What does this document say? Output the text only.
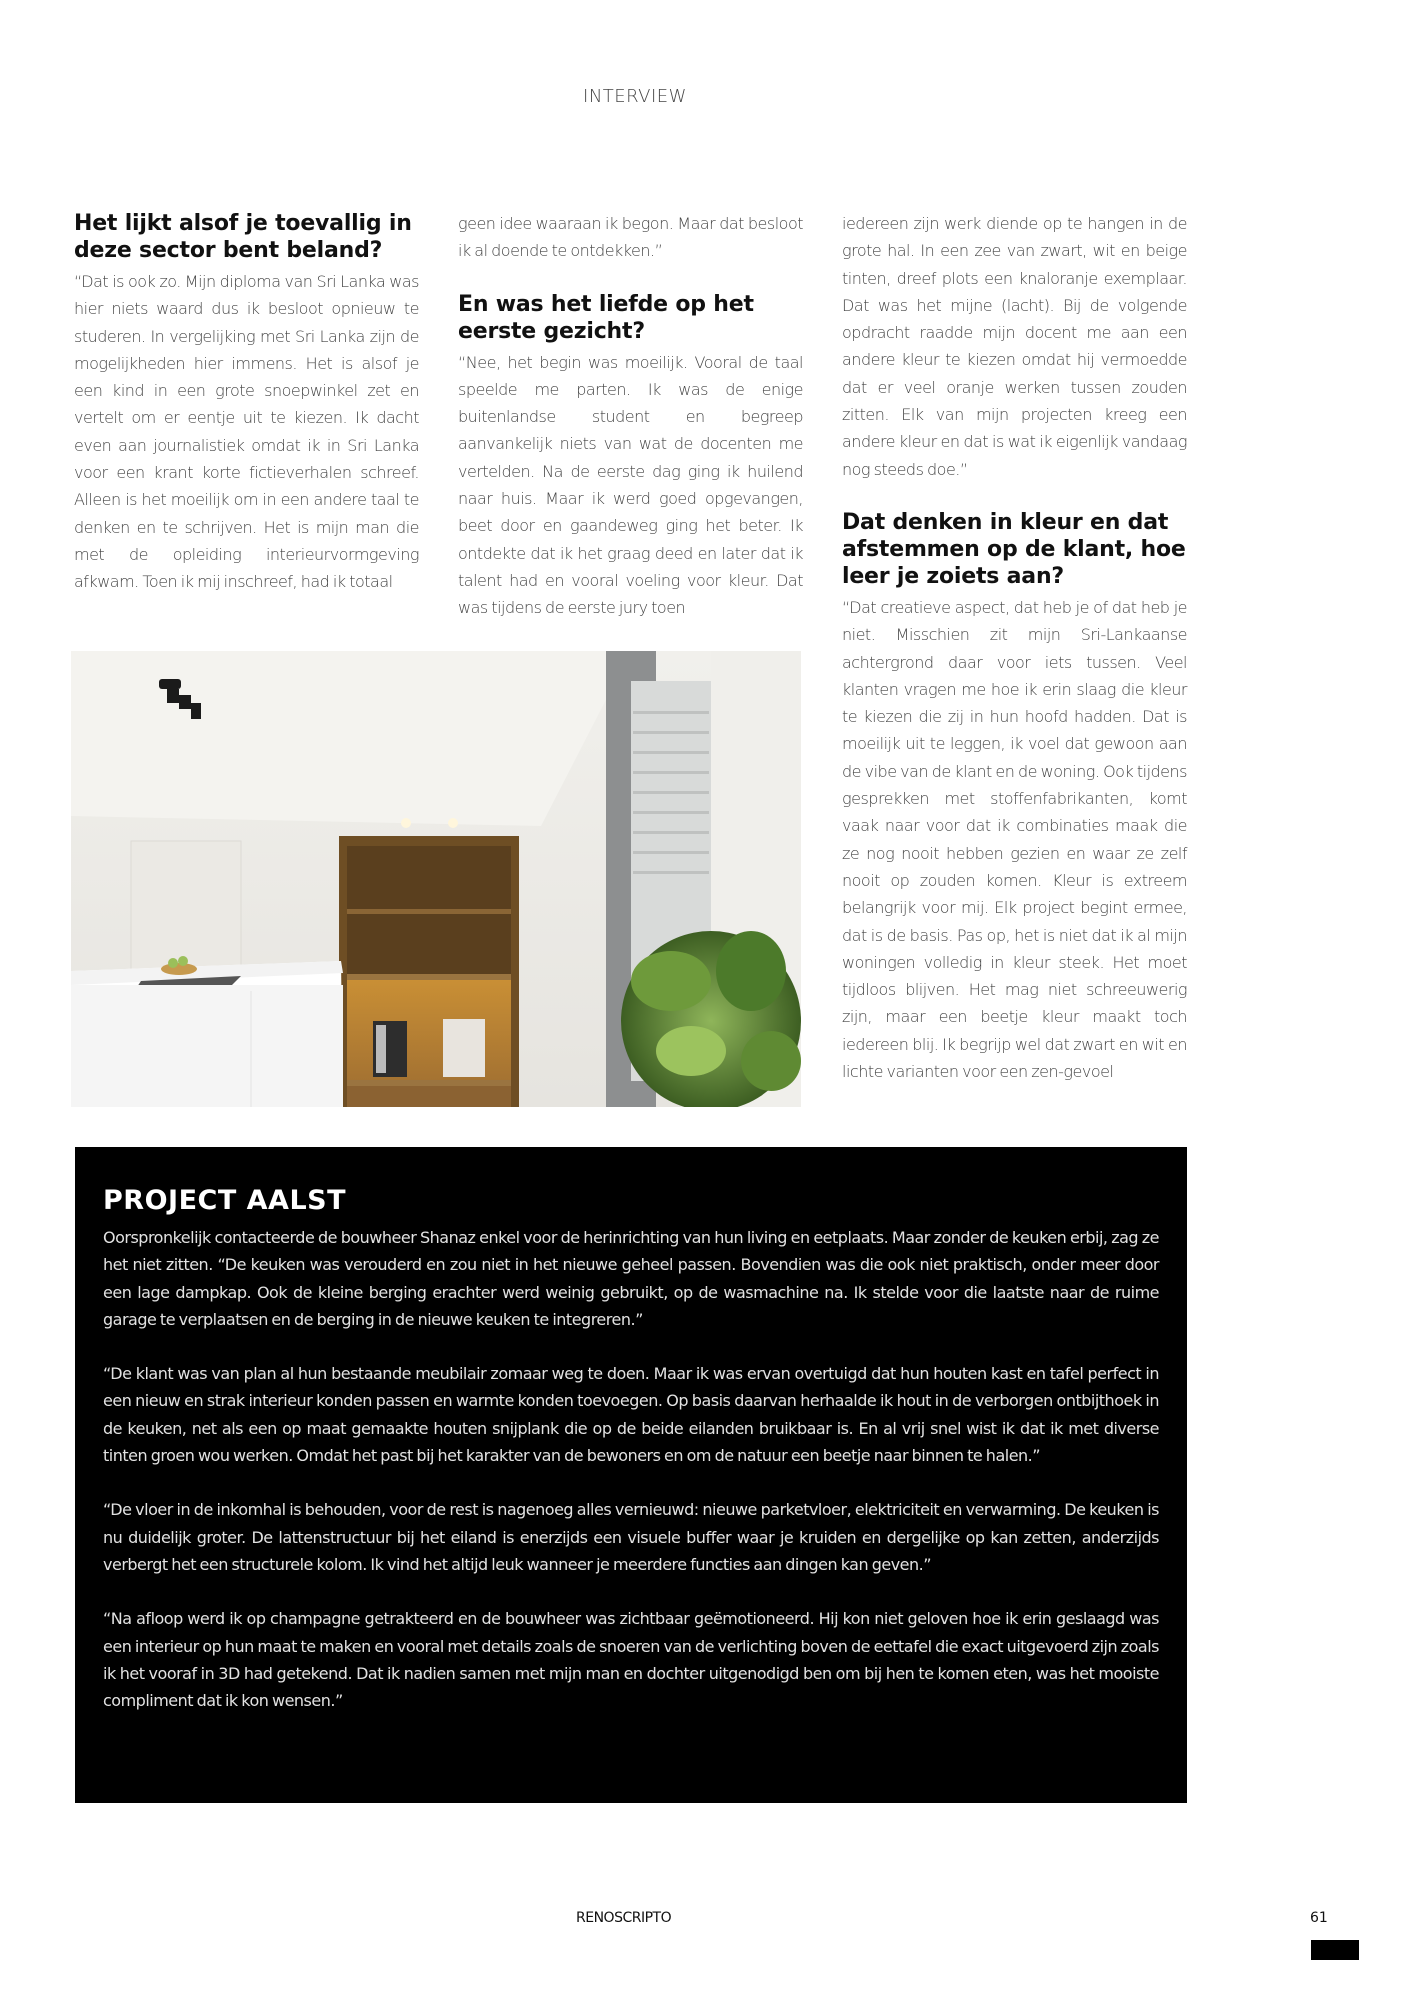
INTERVIEW
Het lijkt alsof je toevallig in deze sector bent beland?

“Dat is ook zo. Mijn diploma van Sri Lanka was hier niets waard dus ik besloot opnieuw te studeren. In vergelijking met Sri Lanka zijn de mogelijkheden hier immens. Het is alsof je een kind in een grote snoepwinkel zet en vertelt om er eentje uit te kiezen. Ik dacht even aan journalistiek omdat ik in Sri Lanka voor een krant korte fictieverhalen schreef. Alleen is het moeilijk om in een andere taal te denken en te schrijven. Het is mijn man die met de opleiding interieurvormgeving afkwam. Toen ik mij inschreef, had ik totaal

geen idee waaraan ik begon. Maar dat besloot ik al doende te ontdekken.”

En was het liefde op het eerste gezicht?

“Nee, het begin was moeilijk. Vooral de taal speelde me parten. Ik was de enige buitenlandse student en begreep aanvankelijk niets van wat de docenten me vertelden. Na de eerste dag ging ik huilend naar huis. Maar ik werd goed opgevangen, beet door en gaandeweg ging het beter. Ik ontdekte dat ik het graag deed en later dat ik talent had en vooral voeling voor kleur. Dat was tijdens de eerste jury toen

iedereen zijn werk diende op te hangen in de grote hal. In een zee van zwart, wit en beige tinten, dreef plots een knaloranje exemplaar. Dat was het mijne (lacht). Bij de volgende opdracht raadde mijn docent me aan een andere kleur te kiezen omdat hij vermoedde dat er veel oranje werken tussen zouden zitten. Elk van mijn projecten kreeg een andere kleur en dat is wat ik eigenlijk vandaag nog steeds doe.”

Dat denken in kleur en dat afstemmen op de klant, hoe leer je zoiets aan?

“Dat creatieve aspect, dat heb je of dat heb je niet. Misschien zit mijn Sri-Lankaanse achtergrond daar voor iets tussen. Veel klanten vragen me hoe ik erin slaag die kleur te kiezen die zij in hun hoofd hadden. Dat is moeilijk uit te leggen, ik voel dat gewoon aan de vibe van de klant en de woning. Ook tijdens gesprekken met stoffenfabrikanten, komt vaak naar voor dat ik combinaties maak die ze nog nooit hebben gezien en waar ze zelf nooit op zouden komen. Kleur is extreem belangrijk voor mij. Elk project begint ermee, dat is de basis. Pas op, het is niet dat ik al mijn woningen volledig in kleur steek. Het moet tijdloos blijven. Het mag niet schreeuwerig zijn, maar een beetje kleur maakt toch iedereen blij. Ik begrijp wel dat zwart en wit en lichte varianten voor een zen-gevoel

PROJECT AALST

Oorspronkelijk contacteerde de bouwheer Shanaz enkel voor de herinrichting van hun living en eetplaats. Maar zonder de keuken erbij, zag ze het niet zitten. “De keuken was verouderd en zou niet in het nieuwe geheel passen. Bovendien was die ook niet praktisch, onder meer door een lage dampkap. Ook de kleine berging erachter werd weinig gebruikt, op de wasmachine na. Ik stelde voor die laatste naar de ruime garage te verplaatsen en de berging in de nieuwe keuken te integreren.”

“De klant was van plan al hun bestaande meubilair zomaar weg te doen. Maar ik was ervan overtuigd dat hun houten kast en tafel perfect in een nieuw en strak interieur konden passen en warmte konden toevoegen. Op basis daarvan herhaalde ik hout in de verborgen ontbijthoek in de keuken, net als een op maat gemaakte houten snijplank die op de beide eilanden bruikbaar is. En al vrij snel wist ik dat ik met diverse tinten groen wou werken. Omdat het past bij het karakter van de bewoners en om de natuur een beetje naar binnen te halen.”

“De vloer in de inkomhal is behouden, voor de rest is nagenoeg alles vernieuwd: nieuwe parketvloer, elektriciteit en verwarming. De keuken is nu duidelijk groter. De lattenstructuur bij het eiland is enerzijds een visuele buffer waar je kruiden en dergelijke op kan zetten, anderzijds verbergt het een structurele kolom. Ik vind het altijd leuk wanneer je meerdere functies aan dingen kan geven.”

“Na afloop werd ik op champagne getrakteerd en de bouwheer was zichtbaar geëmotioneerd. Hij kon niet geloven hoe ik erin geslaagd was een interieur op hun maat te maken en vooral met details zoals de snoeren van de verlichting boven de eettafel die exact uitgevoerd zijn zoals ik het vooraf in 3D had getekend. Dat ik nadien samen met mijn man en dochter uitgenodigd ben om bij hen te komen eten, was het mooiste compliment dat ik kon wensen.”

RENOSCRIPTO	61
